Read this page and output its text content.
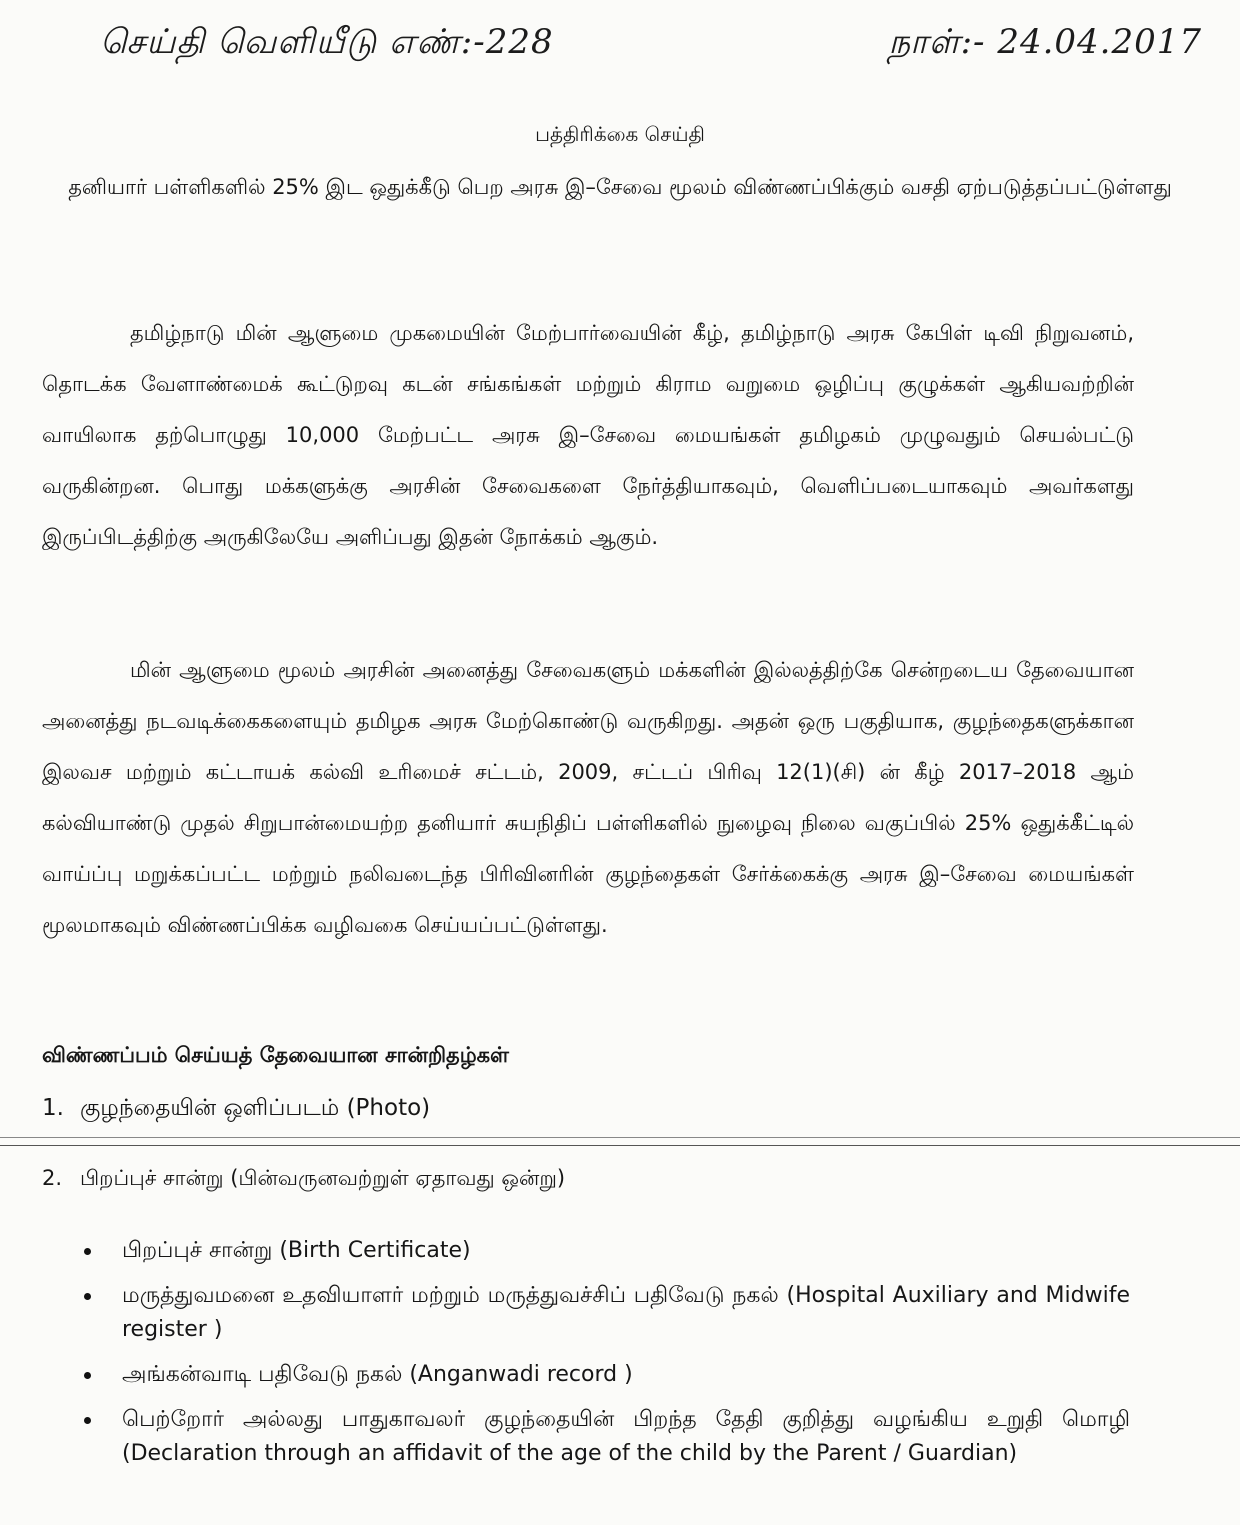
செய்தி வெளியீடு எண்:-228	நாள்:- 24.04.2017
பத்திரிக்கை செய்தி
தனியார் பள்ளிகளில் 25% இட ஒதுக்கீடு பெற அரசு இ–சேவை மூலம் விண்ணப்பிக்கும் வசதி ஏற்படுத்தப்பட்டுள்ளது

தமிழ்நாடு மின் ஆளுமை முகமையின் மேற்பார்வையின் கீழ், தமிழ்நாடு அரசு கேபிள் டிவி நிறுவனம், தொடக்க வேளாண்மைக் கூட்டுறவு கடன் சங்கங்கள் மற்றும் கிராம வறுமை ஒழிப்பு குழுக்கள் ஆகியவற்றின் வாயிலாக தற்பொழுது 10,000 மேற்பட்ட அரசு இ–சேவை மையங்கள் தமிழகம் முழுவதும் செயல்பட்டு வருகின்றன. பொது மக்களுக்கு அரசின் சேவைகளை நேர்த்தியாகவும், வெளிப்படையாகவும் அவர்களது இருப்பிடத்திற்கு அருகிலேயே அளிப்பது இதன் நோக்கம் ஆகும்.

மின் ஆளுமை மூலம் அரசின் அனைத்து சேவைகளும் மக்களின் இல்லத்திற்கே சென்றடைய தேவையான அனைத்து நடவடிக்கைகளையும் தமிழக அரசு மேற்கொண்டு வருகிறது. அதன் ஒரு பகுதியாக, குழந்தைகளுக்கான இலவச மற்றும் கட்டாயக் கல்வி உரிமைச் சட்டம், 2009, சட்டப் பிரிவு 12(1)(சி) ன் கீழ் 2017–2018 ஆம் கல்வியாண்டு முதல் சிறுபான்மையற்ற தனியார் சுயநிதிப் பள்ளிகளில் நுழைவு நிலை வகுப்பில் 25% ஒதுக்கீட்டில் வாய்ப்பு மறுக்கப்பட்ட மற்றும் நலிவடைந்த பிரிவினரின் குழந்தைகள் சேர்க்கைக்கு அரசு இ–சேவை மையங்கள் மூலமாகவும் விண்ணப்பிக்க வழிவகை செய்யப்பட்டுள்ளது.

விண்ணப்பம் செய்யத் தேவையான சான்றிதழ்கள்
1. குழந்தையின் ஒளிப்படம் (Photo)
2. பிறப்புச் சான்று (பின்வருனவற்றுள் ஏதாவது ஒன்று)
பிறப்புச் சான்று (Birth Certificate)
மருத்துவமனை உதவியாளர் மற்றும் மருத்துவச்சிப் பதிவேடு நகல் (Hospital Auxiliary and Midwife register )
அங்கன்வாடி பதிவேடு நகல் (Anganwadi record )
பெற்றோர் அல்லது பாதுகாவலர் குழந்தையின் பிறந்த தேதி குறித்து வழங்கிய உறுதி மொழி (Declaration through an affidavit of the age of the child by the Parent / Guardian)
